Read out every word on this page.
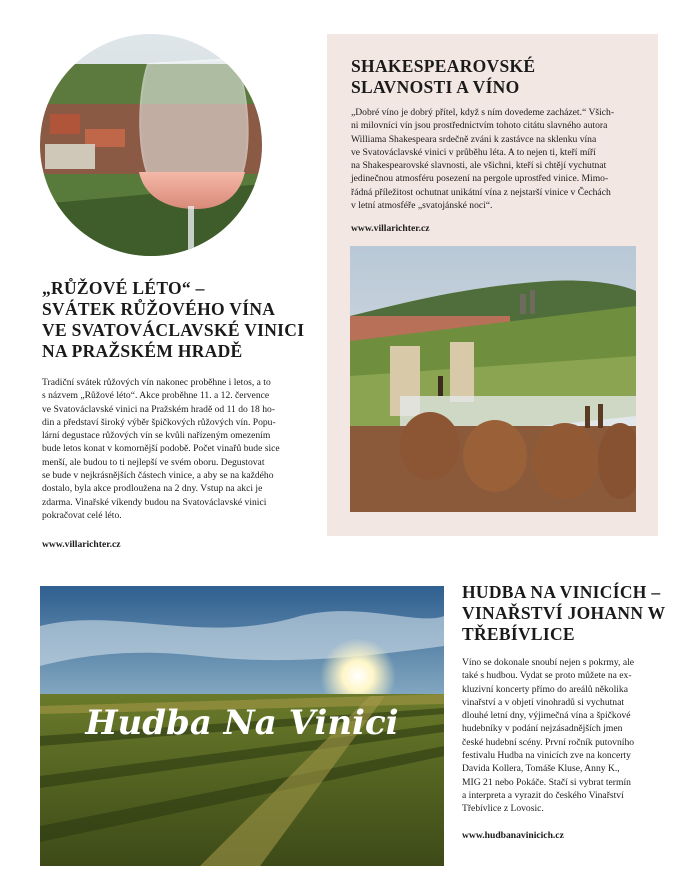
„RŮŽOVÉ LÉTO“ –
SVÁTEK RŮŽOVÉHO VÍNA
VE SVATOVÁCLAVSKÉ VINICI
NA PRAŽSKÉM HRADĚ
Tradiční svátek růžových vín nakonec proběhne i letos, a to
s názvem „Růžové léto“. Akce proběhne 11. a 12. července
ve Svatováclavské vinici na Pražském hradě od 11 do 18 ho-
din a představí široký výběr špičkových růžových vín. Popu-
lární degustace růžových vín se kvůli nařízeným omezením
bude letos konat v komornější podobě. Počet vinařů bude sice
menší, ale budou to ti nejlepší ve svém oboru. Degustovat
se bude v nejkrásnějších částech vinice, a aby se na každého
dostalo, byla akce prodloužena na 2 dny. Vstup na akci je
zdarma. Vinařské víkendy budou na Svatováclavské vinici
pokračovat celé léto.
www.villarichter.cz
SHAKESPEAROVSKÉ
SLAVNOSTI A VÍNO
„Dobré víno je dobrý přítel, když s ním dovedeme zacházet.“ Všich-
ni milovníci vín jsou prostřednictvím tohoto citátu slavného autora
Williama Shakespeara srdečně zváni k zastávce na sklenku vína
ve Svatováclavské vinici v průběhu léta. A to nejen ti, kteří míří
na Shakespearovské slavnosti, ale všichni, kteří si chtějí vychutnat
jedinečnou atmosféru posezení na pergole uprostřed vinice. Mimo-
řádná příležitost ochutnat unikátní vína z nejstarší vinice v Čechách
v letní atmosféře „svatojánské noci“.
www.villarichter.cz
Hudba Na Vinici
HUDBA NA VINICÍCH –
VINAŘSTVÍ JOHANN W
TŘEBÍVLICE
Víno se dokonale snoubí nejen s pokrmy, ale
také s hudbou. Vydat se proto můžete na ex-
kluzivní koncerty přímo do areálů několika
vinařství a v objetí vinohradů si vychutnat
dlouhé letní dny, výjimečná vína a špičkové
hudebníky v podání nejzásadnějších jmen
české hudební scény. První ročník putovního
festivalu Hudba na vinicích zve na koncerty
Davida Kollera, Tomáše Kluse, Anny K.,
MIG 21 nebo Pokáče. Stačí si vybrat termín
a interpreta a vyrazit do českého Vinařství
Třebívlice z Lovosic.
www.hudbanavinicich.cz
